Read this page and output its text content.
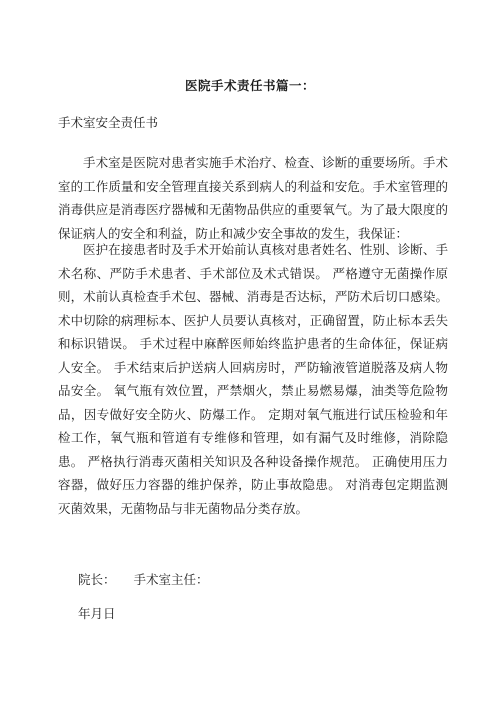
医院手术责任书篇一：
手术室安全责任书

手术室是医院对患者实施手术治疗、检查、诊断的重要场所。手术室的工作质量和安全管理直接关系到病人的利益和安危。手术室管理的消毒供应是消毒医疗器械和无菌物品供应的重要氧气。为了最大限度的保证病人的安全和利益，防止和减少安全事故的发生，我保证：

医护在接患者时及手术开始前认真核对患者姓名、性别、诊断、手术名称、严防手术患者、手术部位及术式错误。 严格遵守无菌操作原则，术前认真检查手术包、器械、消毒是否达标，严防术后切口感染。 术中切除的病理标本、医护人员要认真核对，正确留置，防止标本丢失和标识错误。 手术过程中麻醉医师始终监护患者的生命体征，保证病人安全。 手术结束后护送病人回病房时，严防输液管道脱落及病人物品安全。 氧气瓶有效位置，严禁烟火，禁止易燃易爆，油类等危险物品，因专做好安全防火、防爆工作。 定期对氧气瓶进行试压检验和年检工作，氧气瓶和管道有专维修和管理，如有漏气及时维修，消除隐患。 严格执行消毒灭菌相关知识及各种设备操作规范。 正确使用压力容器，做好压力容器的维护保养，防止事故隐患。 对消毒包定期监测灭菌效果，无菌物品与非无菌物品分类存放。

院长： 手术室主任：
年月日
